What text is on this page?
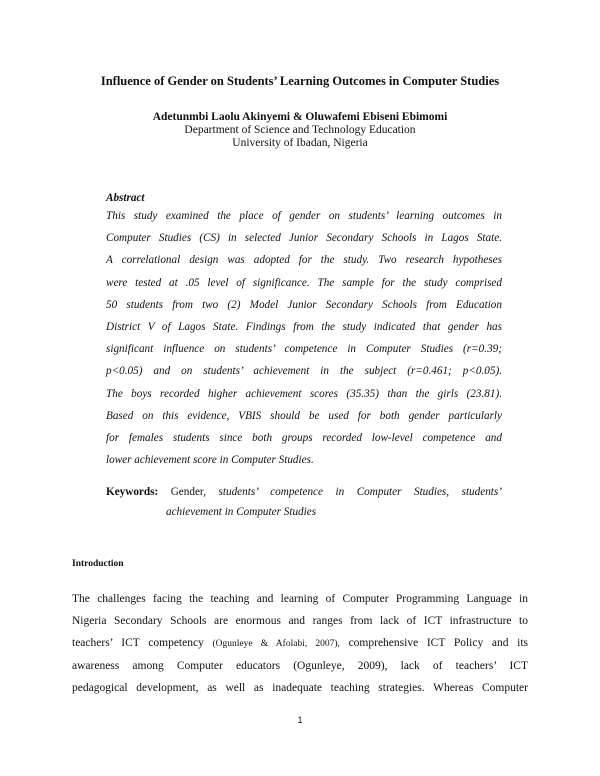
Influence of Gender on Students’ Learning Outcomes in Computer Studies
Adetunmbi Laolu Akinyemi & Oluwafemi Ebiseni Ebimomi
Department of Science and Technology Education
University of Ibadan, Nigeria
Abstract
This study examined the place of gender on students’ learning outcomes in
Computer Studies (CS) in selected Junior Secondary Schools in Lagos State.
A correlational design was adopted for the study. Two research hypotheses
were tested at .05 level of significance. The sample for the study comprised
50 students from two (2) Model Junior Secondary Schools from Education
District V of Lagos State. Findings from the study indicated that gender has
significant influence on students’ competence in Computer Studies (r=0.39;
p<0.05) and on students’ achievement in the subject (r=0.461; p<0.05).
The boys recorded higher achievement scores (35.35) than the girls (23.81).
Based on this evidence, VBIS should be used for both gender particularly
for females students since both groups recorded low-level competence and
lower achievement score in Computer Studies.
Keywords: Gender, students’ competence in Computer Studies, students’
achievement in Computer Studies
Introduction
The challenges facing the teaching and learning of Computer Programming Language in
Nigeria Secondary Schools are enormous and ranges from lack of ICT infrastructure to
teachers’ ICT competency (Ogunleye & Afolabi, 2007), comprehensive ICT Policy and its
awareness among Computer educators (Ogunleye, 2009), lack of teachers’ ICT
pedagogical development, as well as inadequate teaching strategies. Whereas Computer
1
